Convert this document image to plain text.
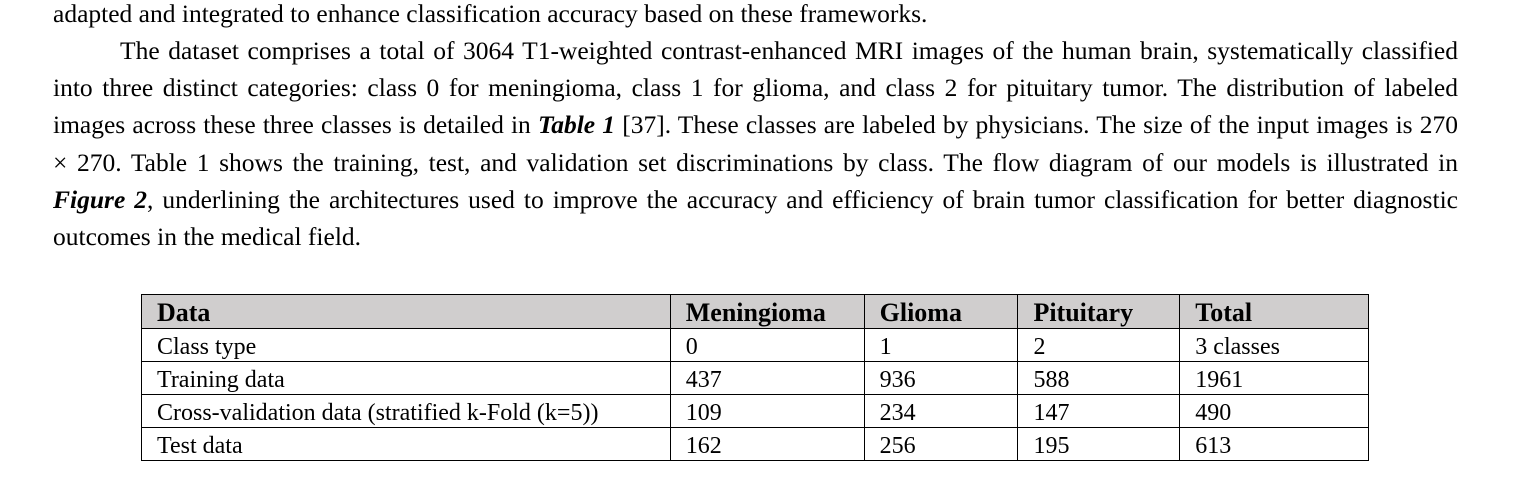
adapted and integrated to enhance classification accuracy based on these frameworks.

The dataset comprises a total of 3064 T1-weighted contrast-enhanced MRI images of the human brain, systematically classified into three distinct categories: class 0 for meningioma, class 1 for glioma, and class 2 for pituitary tumor. The distribution of labeled images across these three classes is detailed in Table 1 [37]. These classes are labeled by physicians. The size of the input images is 270 × 270. Table 1 shows the training, test, and validation set discriminations by class. The flow diagram of our models is illustrated in Figure 2, underlining the architectures used to improve the accuracy and efficiency of brain tumor classification for better diagnostic outcomes in the medical field.

Data	Meningioma	Glioma	Pituitary	Total
Class type	0	1	2	3 classes
Training data	437	936	588	1961
Cross-validation data (stratified k-Fold (k=5))	109	234	147	490
Test data	162	256	195	613
